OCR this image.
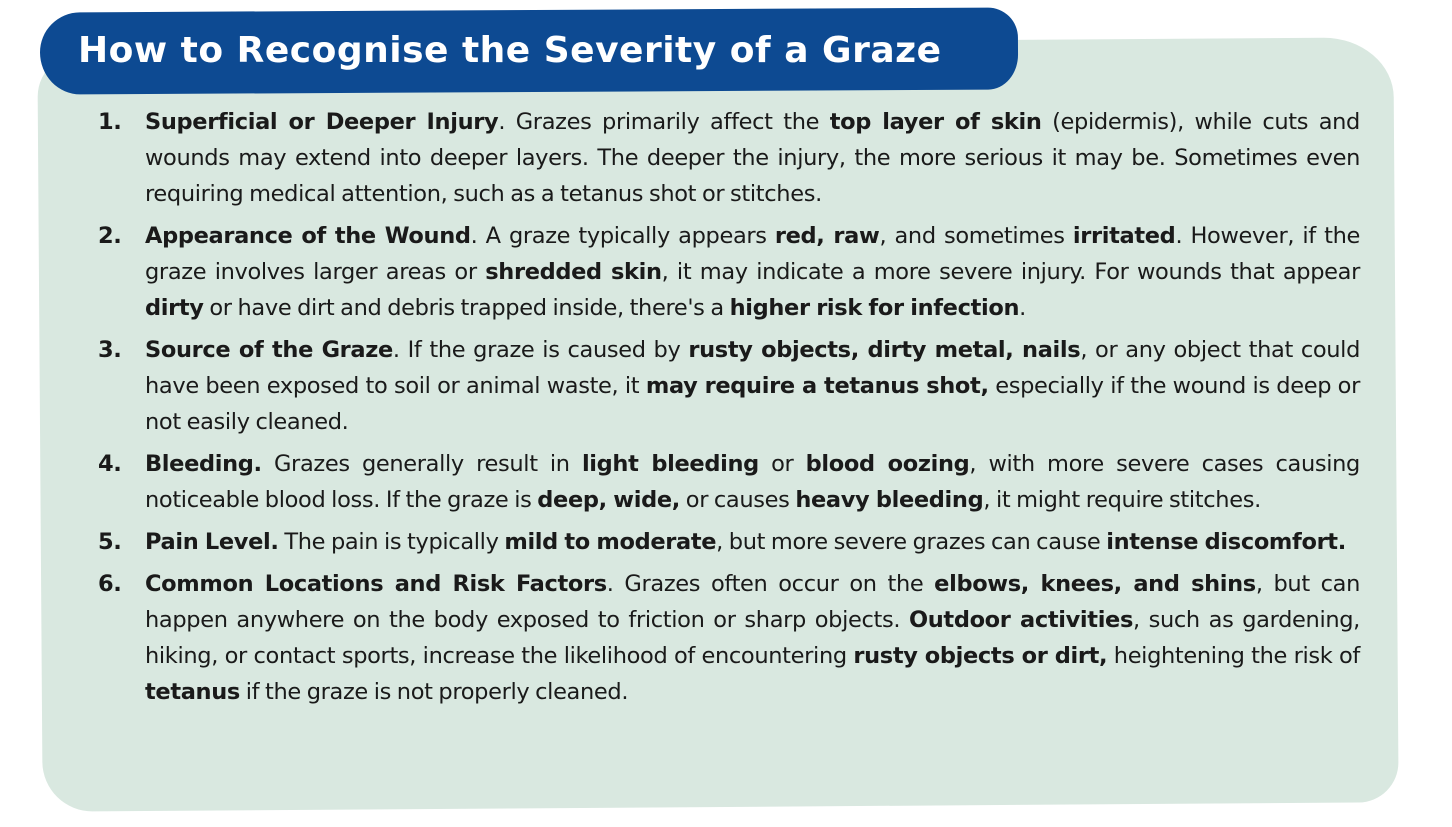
How to Recognise the Severity of a Graze
1. Superficial or Deeper Injury. Grazes primarily affect the top layer of skin (epidermis), while cuts and wounds may extend into deeper layers. The deeper the injury, the more serious it may be. Sometimes even requiring medical attention, such as a tetanus shot or stitches.
2. Appearance of the Wound. A graze typically appears red, raw, and sometimes irritated. However, if the graze involves larger areas or shredded skin, it may indicate a more severe injury. For wounds that appear dirty or have dirt and debris trapped inside, there's a higher risk for infection.
3. Source of the Graze. If the graze is caused by rusty objects, dirty metal, nails, or any object that could have been exposed to soil or animal waste, it may require a tetanus shot, especially if the wound is deep or not easily cleaned.
4. Bleeding. Grazes generally result in light bleeding or blood oozing, with more severe cases causing noticeable blood loss. If the graze is deep, wide, or causes heavy bleeding, it might require stitches.
5. Pain Level. The pain is typically mild to moderate, but more severe grazes can cause intense discomfort.
6. Common Locations and Risk Factors. Grazes often occur on the elbows, knees, and shins, but can happen anywhere on the body exposed to friction or sharp objects. Outdoor activities, such as gardening, hiking, or contact sports, increase the likelihood of encountering rusty objects or dirt, heightening the risk of tetanus if the graze is not properly cleaned.
